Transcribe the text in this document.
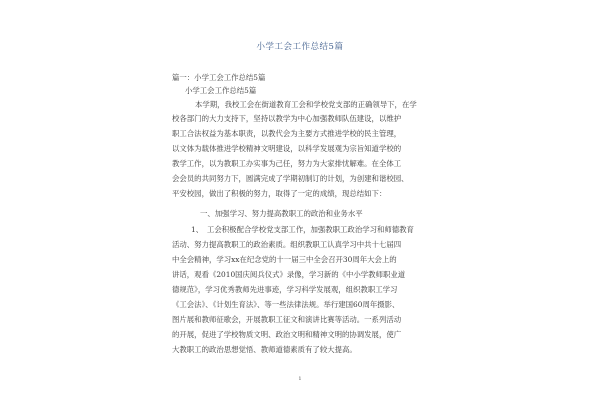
小学工会工作总结5篇
篇一：小学工会工作总结5篇
小学工会工作总结5篇
本学期，我校工会在街道教育工会和学校党支部的正确领导下，在学
校各部门的大力支持下，坚持以教学为中心加强教师队伍建设，以维护
职工合法权益为基本职责，以教代会为主要方式推进学校的民主管理，
以文体为载体推进学校精神文明建设，以科学发展观为宗旨知道学校的
教学工作，以为教职工办实事为己任，努力为大家排忧解难。在全体工
会会员的共同努力下，圆满完成了学期初制订的计划，为创建和谐校园、
平安校园，做出了积极的努力，取得了一定的成绩，现总结如下：
一、加强学习、努力提高教职工的政治和业务水平
1、 工会积极配合学校党支部工作，加强教职工政治学习和师德教育
活动、努力提高教职工的政治素质。组织教职工认真学习中共十七届四
中全会精神，学习xx在纪念党的十一届三中全会召开30周年大会上的
讲话，观看《2010国庆阅兵仪式》录像，学习新的《中小学教师职业道
德规范》，学习优秀教师先进事迹，学习科学发展观，组织教职工学习
《工会法》、《计划生育法》、等一些法律法规。举行建国60周年摄影、
图片展和教师征歌会，开展教职工征文和演讲比赛等活动。一系列活动
的开展，促进了学校物质文明、政治文明和精神文明的协调发展，使广
大教职工的政治思想觉悟、教师道德素质有了较大提高。
1
